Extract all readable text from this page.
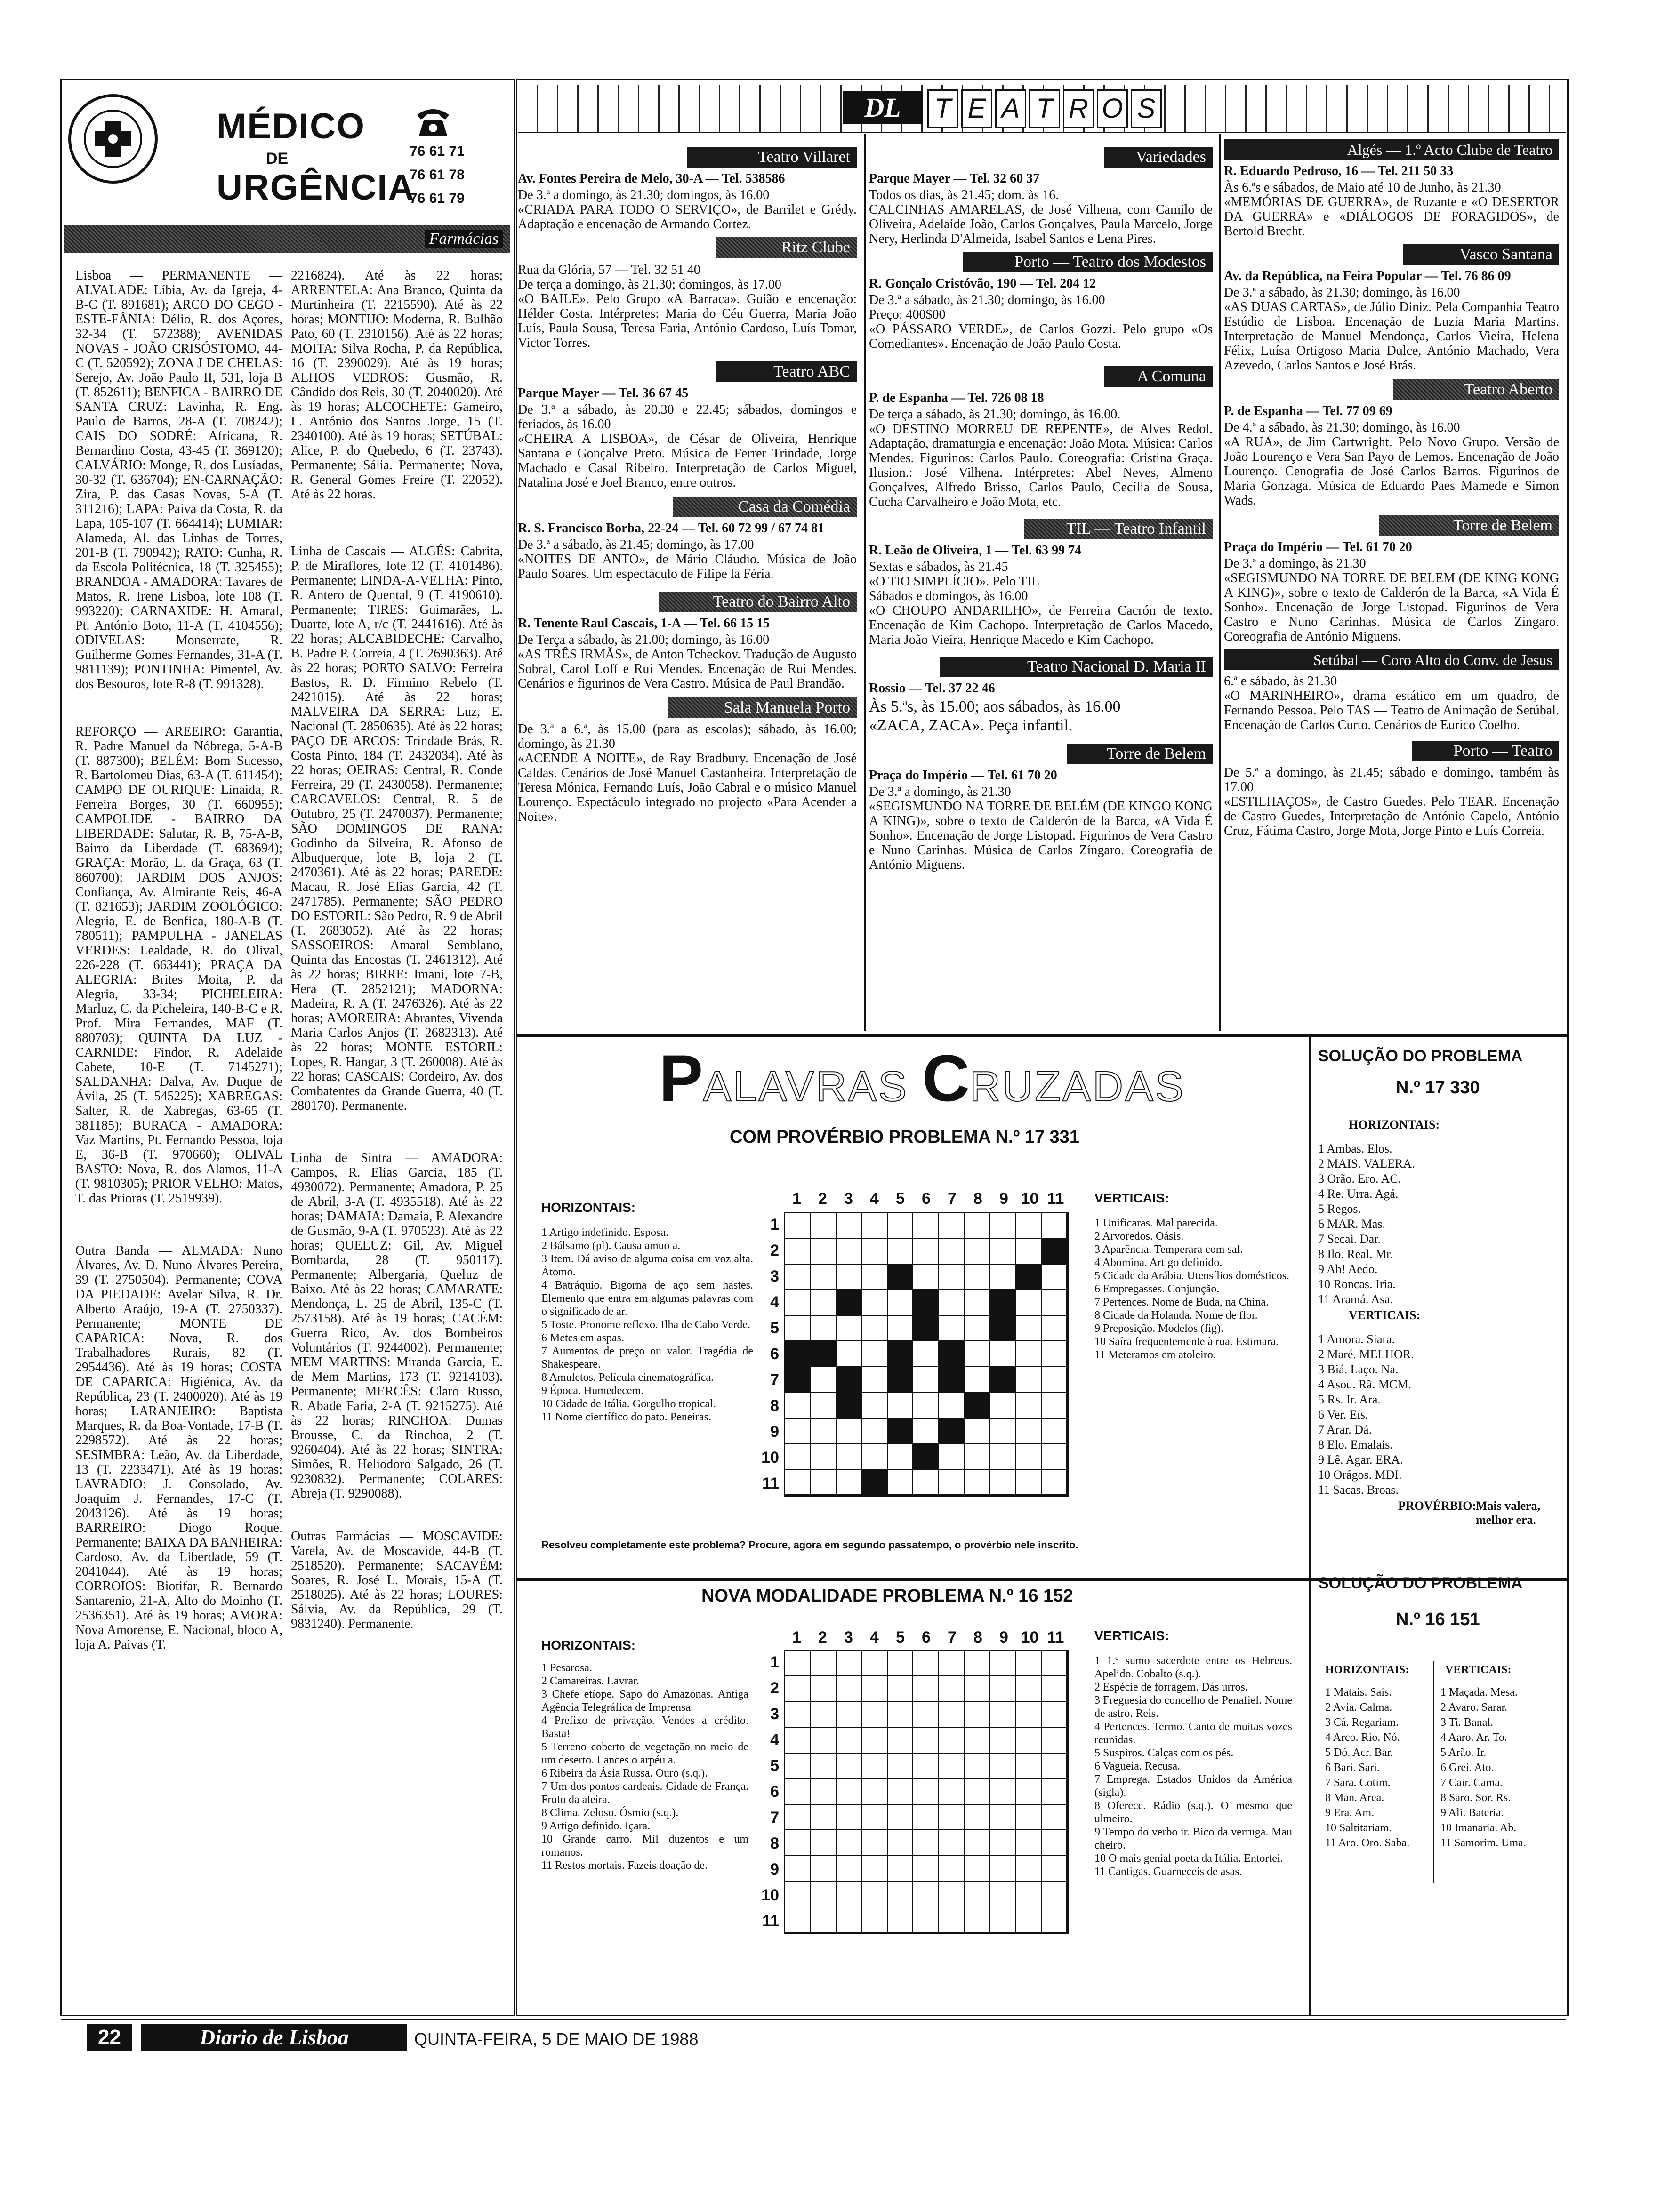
MÉDICO
DE
URGÊNCIA
76 61 71
76 61 78
76 61 79
Farmácias

Lisboa — PERMANENTE — ALVALADE: Líbia, Av. da Igreja, 4-B-C (T. 891681); ARCO DO CEGO - ESTE-FÂNIA: Délio, R. dos Açores, 32-34 (T. 572388); AVENIDAS NOVAS - JOÃO CRISÓSTOMO, 44-C (T. 520592); ZONA J DE CHELAS: Serejo, Av. João Paulo II, 531, loja B (T. 852611); BENFICA - BAIRRO DE SANTA CRUZ: Lavinha, R. Eng. Paulo de Barros, 28-A (T. 708242); CAIS DO SODRÉ: Africana, R. Bernardino Costa, 43-45 (T. 369120); CALVÁRIO: Monge, R. dos Lusíadas, 30-32 (T. 636704); EN-CARNAÇÃO: Zira, P. das Casas Novas, 5-A (T. 311216); LAPA: Paiva da Costa, R. da Lapa, 105-107 (T. 664414); LUMIAR: Alameda, Al. das Linhas de Torres, 201-B (T. 790942); RATO: Cunha, R. da Escola Politécnica, 18 (T. 325455); BRANDOA - AMADORA: Tavares de Matos, R. Irene Lisboa, lote 108 (T. 993220); CARNAXIDE: H. Amaral, Pt. António Boto, 11-A (T. 4104556); ODIVELAS: Monserrate, R. Guilherme Gomes Fernandes, 31-A (T. 9811139); PONTINHA: Pimentel, Av. dos Besouros, lote R-8 (T. 991328).

REFORÇO — AREEIRO: Garantia, R. Padre Manuel da Nóbrega, 5-A-B (T. 887300); BELÉM: Bom Sucesso, R. Bartolomeu Dias, 63-A (T. 611454); CAMPO DE OURIQUE: Linaida, R. Ferreira Borges, 30 (T. 660955); CAMPOLIDE - BAIRRO DA LIBERDADE: Salutar, R. B, 75-A-B, Bairro da Liberdade (T. 683694); GRAÇA: Morão, L. da Graça, 63 (T. 860700); JARDIM DOS ANJOS: Confiança, Av. Almirante Reis, 46-A (T. 821653); JARDIM ZOOLÓGICO: Alegria, E. de Benfica, 180-A-B (T. 780511); PAMPULHA - JANELAS VERDES: Lealdade, R. do Olival, 226-228 (T. 663441); PRAÇA DA ALEGRIA: Brites Moita, P. da Alegria, 33-34; PICHELEIRA: Marluz, C. da Picheleira, 140-B-C e R. Prof. Mira Fernandes, MAF (T. 880703); QUINTA DA LUZ - CARNIDE: Findor, R. Adelaide Cabete, 10-E (T. 7145271); SALDANHA: Dalva, Av. Duque de Ávila, 25 (T. 545225); XABREGAS: Salter, R. de Xabregas, 63-65 (T. 381185); BURACA - AMADORA: Vaz Martins, Pt. Fernando Pessoa, loja E, 36-B (T. 970660); OLIVAL BASTO: Nova, R. dos Alamos, 11-A (T. 9810305); PRIOR VELHO: Matos, T. das Prioras (T. 2519939).

Outra Banda — ALMADA: Nuno Álvares, Av. D. Nuno Álvares Pereira, 39 (T. 2750504). Permanente; COVA DA PIEDADE: Avelar Silva, R. Dr. Alberto Araújo, 19-A (T. 2750337). Permanente; MONTE DE CAPARICA: Nova, R. dos Trabalhadores Rurais, 82 (T. 2954436). Até às 19 horas; COSTA DE CAPARICA: Higiénica, Av. da República, 23 (T. 2400020). Até às 19 horas; LARANJEIRO: Baptista Marques, R. da Boa-Vontade, 17-B (T. 2298572). Até às 22 horas; SESIMBRA: Leão, Av. da Liberdade, 13 (T. 2233471). Até às 19 horas; LAVRADIO: J. Consolado, Av. Joaquim J. Fernandes, 17-C (T. 2043126). Até às 19 horas; BARREIRO: Diogo Roque. Permanente; BAIXA DA BANHEIRA: Cardoso, Av. da Liberdade, 59 (T. 2041044). Até às 19 horas; CORROIOS: Biotifar, R. Bernardo Santarenio, 21-A, Alto do Moinho (T. 2536351). Até às 19 horas; AMORA: Nova Amorense, E. Nacional, bloco A, loja A. Paivas (T.

2216824). Até às 22 horas; ARRENTELA: Ana Branco, Quinta da Murtinheira (T. 2215590). Até às 22 horas; MONTIJO: Moderna, R. Bulhão Pato, 60 (T. 2310156). Até às 22 horas; MOITA: Silva Rocha, P. da República, 16 (T. 2390029). Até às 19 horas; ALHOS VEDROS: Gusmão, R. Cândido dos Reis, 30 (T. 2040020). Até às 19 horas; ALCOCHETE: Gameiro, L. António dos Santos Jorge, 15 (T. 2340100). Até às 19 horas; SETÚBAL: Alice, P. do Quebedo, 6 (T. 23743). Permanente; Sália. Permanente; Nova, R. General Gomes Freire (T. 22052). Até às 22 horas.

Linha de Cascais — ALGÉS: Cabrita, P. de Miraflores, lote 12 (T. 4101486). Permanente; LINDA-A-VELHA: Pinto, R. Antero de Quental, 9 (T. 4190610). Permanente; TIRES: Guimarães, L. Duarte, lote A, r/c (T. 2441616). Até às 22 horas; ALCABIDECHE: Carvalho, B. Padre P. Correia, 4 (T. 2690363). Até às 22 horas; PORTO SALVO: Ferreira Bastos, R. D. Firmino Rebelo (T. 2421015). Até às 22 horas; MALVEIRA DA SERRA: Luz, E. Nacional (T. 2850635). Até às 22 horas; PAÇO DE ARCOS: Trindade Brás, R. Costa Pinto, 184 (T. 2432034). Até às 22 horas; OEIRAS: Central, R. Conde Ferreira, 29 (T. 2430058). Permanente; CARCAVELOS: Central, R. 5 de Outubro, 25 (T. 2470037). Permanente; SÃO DOMINGOS DE RANA: Godinho da Silveira, R. Afonso de Albuquerque, lote B, loja 2 (T. 2470361). Até às 22 horas; PAREDE: Macau, R. José Elias Garcia, 42 (T. 2471785). Permanente; SÃO PEDRO DO ESTORIL: São Pedro, R. 9 de Abril (T. 2683052). Até às 22 horas; SASSOEIROS: Amaral Semblano, Quinta das Encostas (T. 2461312). Até às 22 horas; BIRRE: Imani, lote 7-B, Hera (T. 2852121); MADORNA: Madeira, R. A (T. 2476326). Até às 22 horas; AMOREIRA: Abrantes, Vivenda Maria Carlos Anjos (T. 2682313). Até às 22 horas; MONTE ESTORIL: Lopes, R. Hangar, 3 (T. 260008). Até às 22 horas; CASCAIS: Cordeiro, Av. dos Combatentes da Grande Guerra, 40 (T. 280170). Permanente.

Linha de Sintra — AMADORA: Campos, R. Elias Garcia, 185 (T. 4930072). Permanente; Amadora, P. 25 de Abril, 3-A (T. 4935518). Até às 22 horas; DAMAIA: Damaia, P. Alexandre de Gusmão, 9-A (T. 970523). Até às 22 horas; QUELUZ: Gil, Av. Miguel Bombarda, 28 (T. 950117). Permanente; Albergaria, Queluz de Baixo. Até às 22 horas; CAMARATE: Mendonça, L. 25 de Abril, 135-C (T. 2573158). Até às 19 horas; CACÉM: Guerra Rico, Av. dos Bombeiros Voluntários (T. 9244002). Permanente; MEM MARTINS: Miranda Garcia, E. de Mem Martins, 173 (T. 9214103). Permanente; MERCÊS: Claro Russo, R. Abade Faria, 2-A (T. 9215275). Até às 22 horas; RINCHOA: Dumas Brousse, C. da Rinchoa, 2 (T. 9260404). Até às 22 horas; SINTRA: Simões, R. Heliodoro Salgado, 26 (T. 9230832). Permanente; COLARES: Abreja (T. 9290088).

Outras Farmácias — MOSCAVIDE: Varela, Av. de Moscavide, 44-B (T. 2518520). Permanente; SACAVÉM: Soares, R. José L. Morais, 15-A (T. 2518025). Até às 22 horas; LOURES: Sálvia, Av. da República, 29 (T. 9831240). Permanente.

DL	T E A T R O S
Teatro Villaret
Av. Fontes Pereira de Melo, 30-A — Tel. 538586

De 3.ª a domingo, às 21.30; domingos, às 16.00
«CRIADA PARA TODO O SERVIÇO», de Barrilet e Grédy. Adaptação e encenação de Armando Cortez.

Ritz Clube

Rua da Glória, 57 — Tel. 32 51 40
De terça a domingo, às 21.30; domingos, às 17.00
«O BAILE». Pelo Grupo «A Barraca». Guião e encenação: Hélder Costa. Intérpretes: Maria do Céu Guerra, Maria João Luís, Paula Sousa, Teresa Faria, António Cardoso, Luís Tomar, Victor Torres.

Teatro ABC
Parque Mayer — Tel. 36 67 45

De 3.ª a sábado, às 20.30 e 22.45; sábados, domingos e feriados, às 16.00
«CHEIRA A LISBOA», de César de Oliveira, Henrique Santana e Gonçalve Preto. Música de Ferrer Trindade, Jorge Machado e Casal Ribeiro. Interpretação de Carlos Miguel, Natalina José e Joel Branco, entre outros.

Casa da Comédia
R. S. Francisco Borba, 22-24 — Tel. 60 72 99 / 67 74 81

De 3.ª a sábado, às 21.45; domingo, às 17.00
«NOITES DE ANTO», de Mário Cláudio. Música de João Paulo Soares. Um espectáculo de Filipe la Féria.

Teatro do Bairro Alto
R. Tenente Raul Cascais, 1-A — Tel. 66 15 15

De Terça a sábado, às 21.00; domingo, às 16.00
«AS TRÊS IRMÃS», de Anton Tcheckov. Tradução de Augusto Sobral, Carol Loff e Rui Mendes. Encenação de Rui Mendes. Cenários e figurinos de Vera Castro. Música de Paul Brandão.

Sala Manuela Porto

De 3.ª a 6.ª, às 15.00 (para as escolas); sábado, às 16.00; domingo, às 21.30
«ACENDE A NOITE», de Ray Bradbury. Encenação de José Caldas. Cenários de José Manuel Castanheira. Interpretação de Teresa Mónica, Fernando Luís, João Cabral e o músico Manuel Lourenço. Espectáculo integrado no projecto «Para Acender a Noite».

Variedades
Parque Mayer — Tel. 32 60 37

Todos os dias, às 21.45; dom. às 16.
CALCINHAS AMARELAS, de José Vilhena, com Camilo de Oliveira, Adelaide João, Carlos Gonçalves, Paula Marcelo, Jorge Nery, Herlinda D'Almeida, Isabel Santos e Lena Pires.

Porto — Teatro dos Modestos
R. Gonçalo Cristóvão, 190 — Tel. 204 12

De 3.ª a sábado, às 21.30; domingo, às 16.00
Preço: 400$00
«O PÁSSARO VERDE», de Carlos Gozzi. Pelo grupo «Os Comediantes». Encenação de João Paulo Costa.

A Comuna
P. de Espanha — Tel. 726 08 18

De terça a sábado, às 21.30; domingo, às 16.00.
«O DESTINO MORREU DE REPENTE», de Alves Redol. Adaptação, dramaturgia e encenação: João Mota. Música: Carlos Mendes. Figurinos: Carlos Paulo. Coreografia: Cristina Graça. Ilusion.: José Vilhena. Intérpretes: Abel Neves, Almeno Gonçalves, Alfredo Brisso, Carlos Paulo, Cecília de Sousa, Cucha Carvalheiro e João Mota, etc.

TIL — Teatro Infantil
R. Leão de Oliveira, 1 — Tel. 63 99 74

Sextas e sábados, às 21.45
«O TIO SIMPLÍCIO». Pelo TIL
Sábados e domingos, às 16.00
«O CHOUPO ANDARILHO», de Ferreira Cacrón de texto. Encenação de Kim Cachopo. Interpretação de Carlos Macedo, Maria João Vieira, Henrique Macedo e Kim Cachopo.

Teatro Nacional D. Maria II
Rossio — Tel. 37 22 46

Às 5.ªs, às 15.00; aos sábados, às 16.00
«ZACA, ZACA». Peça infantil.

Torre de Belem
Praça do Império — Tel. 61 70 20

De 3.ª a domingo, às 21.30
«SEGISMUNDO NA TORRE DE BELÉM (DE KINGO KONG A KING)», sobre o texto de Calderón de la Barca, «A Vida É Sonho». Encenação de Jorge Listopad. Figurinos de Vera Castro e Nuno Carinhas. Música de Carlos Zíngaro. Coreografia de António Miguens.

Algés — 1.º Acto Clube de Teatro
R. Eduardo Pedroso, 16 — Tel. 211 50 33

Às 6.ªs e sábados, de Maio até 10 de Junho, às 21.30
«MEMÓRIAS DE GUERRA», de Ruzante e «O DESERTOR DA GUERRA» e «DIÁLOGOS DE FORAGIDOS», de Bertold Brecht.

Vasco Santana
Av. da República, na Feira Popular — Tel. 76 86 09

De 3.ª a sábado, às 21.30; domingo, às 16.00
«AS DUAS CARTAS», de Júlio Diniz. Pela Companhia Teatro Estúdio de Lisboa. Encenação de Luzia Maria Martins. Interpretação de Manuel Mendonça, Carlos Vieira, Helena Félix, Luísa Ortigoso Maria Dulce, António Machado, Vera Azevedo, Carlos Santos e José Brás.

Teatro Aberto
P. de Espanha — Tel. 77 09 69

De 4.ª a sábado, às 21.30; domingo, às 16.00
«A RUA», de Jim Cartwright. Pelo Novo Grupo. Versão de João Lourenço e Vera San Payo de Lemos. Encenação de João Lourenço. Cenografia de José Carlos Barros. Figurinos de Maria Gonzaga. Música de Eduardo Paes Mamede e Simon Wads.

Torre de Belem
Praça do Império — Tel. 61 70 20

De 3.ª a domingo, às 21.30
«SEGISMUNDO NA TORRE DE BELEM (DE KING KONG A KING)», sobre o texto de Calderón de la Barca, «A Vida É Sonho». Encenação de Jorge Listopad. Figurinos de Vera Castro e Nuno Carinhas. Música de Carlos Zíngaro. Coreografia de António Miguens.

Setúbal — Coro Alto do Conv. de Jesus

6.ª e sábado, às 21.30
«O MARINHEIRO», drama estático em um quadro, de Fernando Pessoa. Pelo TAS — Teatro de Animação de Setúbal. Encenação de Carlos Curto. Cenários de Eurico Coelho.

Porto — Teatro

De 5.ª a domingo, às 21.45; sábado e domingo, também às 17.00
«ESTILHAÇOS», de Castro Guedes. Pelo TEAR. Encenação de Castro Guedes, Interpretação de António Capelo, António Cruz, Fátima Castro, Jorge Mota, Jorge Pinto e Luís Correia.

PALAVRAS CRUZADAS
COM PROVÉRBIO PROBLEMA N.º 17 331
HORIZONTAIS:

1 Artigo indefinido. Esposa.
2 Bálsamo (pl). Causa amuo a.
3 Item. Dá aviso de alguma coisa em voz alta. Átomo.
4 Batráquio. Bigorna de aço sem hastes. Elemento que entra em algumas palavras com o significado de ar.
5 Toste. Pronome reflexo. Ilha de Cabo Verde.
6 Metes em aspas.
7 Aumentos de preço ou valor. Tragédia de Shakespeare.
8 Amuletos. Película cinematográfica.
9 Época. Humedecem.
10 Cidade de Itália. Gorgulho tropical.
11 Nome científico do pato. Peneiras.

1	2	3	4	5	6	7	8	9 10 11
1
2
3
4
5
6
7
8
9
10
11
VERTICAIS:

1 Unificaras. Mal parecida.
2 Arvoredos. Oásis.
3 Aparência. Temperara com sal.
4 Abomina. Artigo definido.
5 Cidade da Arábia. Utensílios domésticos.
6 Empregasses. Conjunção.
7 Pertences. Nome de Buda, na China.
8 Cidade da Holanda. Nome de flor.
9 Preposição. Modelos (fig).
10 Saíra frequentemente à rua. Estimara.
11 Meteramos em atoleiro.

Resolveu completamente este problema? Procure, agora em segundo passatempo, o provérbio nele inscrito.

SOLUÇÃO DO PROBLEMA
N.º 17 330
HORIZONTAIS:
1 Ambas. Elos.
2 MAIS. VALERA.
3 Orão. Ero. AC.
4 Re. Urra. Agá.
5 Regos.
6 MAR. Mas.
7 Secai. Dar.
8 Ilo. Real. Mr.
9 Ah! Aedo.
10 Roncas. Iria.
11 Aramá. Asa.
VERTICAIS:
1 Amora. Siara.
2 Maré. MELHOR.
3 Biá. Laço. Na.
4 Asou. Rã. MCM.
5 Rs. Ir. Ara.
6 Ver. Eis.
7 Arar. Dá.
8 Elo. Emalais.
9 Lê. Agar. ERA.
10 Orágos. MDI.
11 Sacas. Broas.
PROVÉRBIO:
Mais valera, melhor era.
NOVA MODALIDADE PROBLEMA N.º 16 152
HORIZONTAIS:

1 Pesarosa.
2 Camareiras. Lavrar.
3 Chefe etíope. Sapo do Amazonas. Antiga Agência Telegráfica de Imprensa.
4 Prefixo de privação. Vendes a crédito. Basta!
5 Terreno coberto de vegetação no meio de um deserto. Lances o arpéu a.
6 Ribeira da Ásia Russa. Ouro (s.q.).
7 Um dos pontos cardeais. Cidade de França. Fruto da ateira.
8 Clima. Zeloso. Ósmio (s.q.).
9 Artigo definido. Içara.
10 Grande carro. Mil duzentos e um romanos.
11 Restos mortais. Fazeis doação de.

1	2	3	4	5	6	7	8	9 10 11
1
2
3
4
5
6
7
8
9
10
11
VERTICAIS:

1 1.º sumo sacerdote entre os Hebreus. Apelido. Cobalto (s.q.).
2 Espécie de forragem. Dás urros.
3 Freguesia do concelho de Penafiel. Nome de astro. Reis.
4 Pertences. Termo. Canto de muitas vozes reunidas.
5 Suspiros. Calças com os pés.
6 Vagueia. Recusa.
7 Emprega. Estados Unidos da América (sigla).
8 Oferece. Rádio (s.q.). O mesmo que ulmeiro.
9 Tempo do verbo ir. Bico da verruga. Mau cheiro.
10 O mais genial poeta da Itália. Entortei.
11 Cantigas. Guarneceis de asas.

SOLUÇÃO DO PROBLEMA
N.º 16 151
HORIZONTAIS:
1 Matais. Sais.
2 Avia. Calma.
3 Cá. Regariam.
4 Arco. Rio. Nó.
5 Dó. Acr. Bar.
6 Bari. Sari.
7 Sara. Cotim.
8 Man. Area.
9 Era. Am.
10 Saltitariam.
11 Aro. Oro. Saba.
VERTICAIS:
1 Maçada. Mesa.
2 Avaro. Sarar.
3 Ti. Banal.
4 Aaro. Ar. To.
5 Arão. Ir.
6 Grei. Ato.
7 Cair. Cama.
8 Saro. Sor. Rs.
9 Ali. Bateria.
10 Imanaria. Ab.
11 Samorim. Uma.
22	Diario de Lisboa	QUINTA-FEIRA, 5 DE MAIO DE 1988
